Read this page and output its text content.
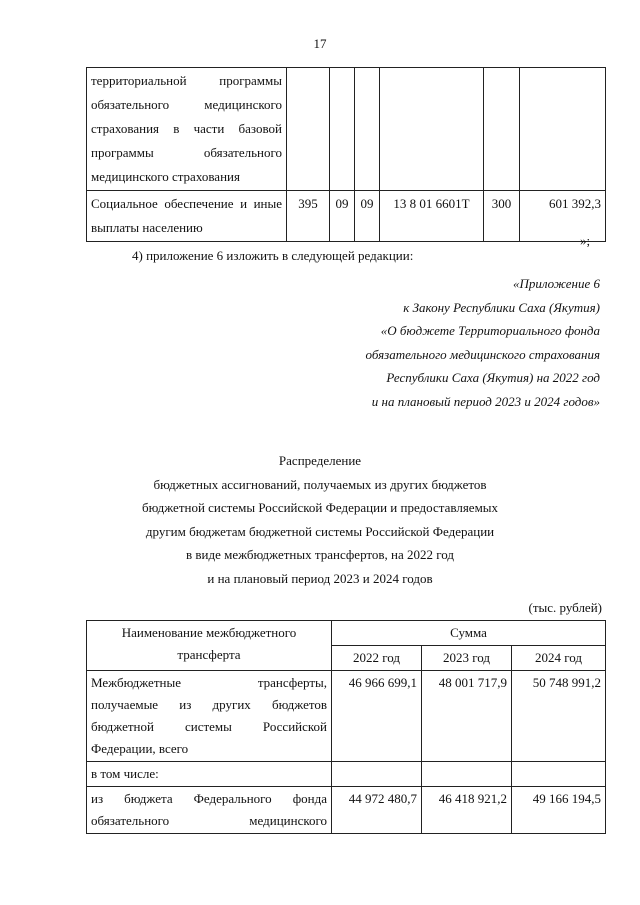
17
территориальной программы
обязательного медицинского
страхования в части базовой
программы обязательного
медицинского страхования						

Социальное обеспечение и иные
выплаты населению	395	09	09	13 8 01 6601Т	300	601 392,3
»;
4) приложение 6 изложить в следующей редакции:
«Приложение 6
к Закону Республики Саха (Якутия)
«О бюджете Территориального фонда
обязательного медицинского страхования
Республики Саха (Якутия) на 2022 год
и на плановый период 2023 и 2024 годов»
Распределение
бюджетных ассигнований, получаемых из других бюджетов
бюджетной системы Российской Федерации и предоставляемых
другим бюджетам бюджетной системы Российской Федерации
в виде межбюджетных трансфертов, на 2022 год
и на плановый период 2023 и 2024 годов
(тыс. рублей)
Наименование межбюджетного
трансферта	Сумма		
	2022 год	2023 год	2024 год

Межбюджетные трансферты,
получаемые из других бюджетов
бюджетной системы Российской
Федерации, всего	46 966 699,1	48 001 717,9	50 748 991,2
в том числе:			

из бюджета Федерального фонда
обязательного медицинского	44 972 480,7	46 418 921,2	49 166 194,5
